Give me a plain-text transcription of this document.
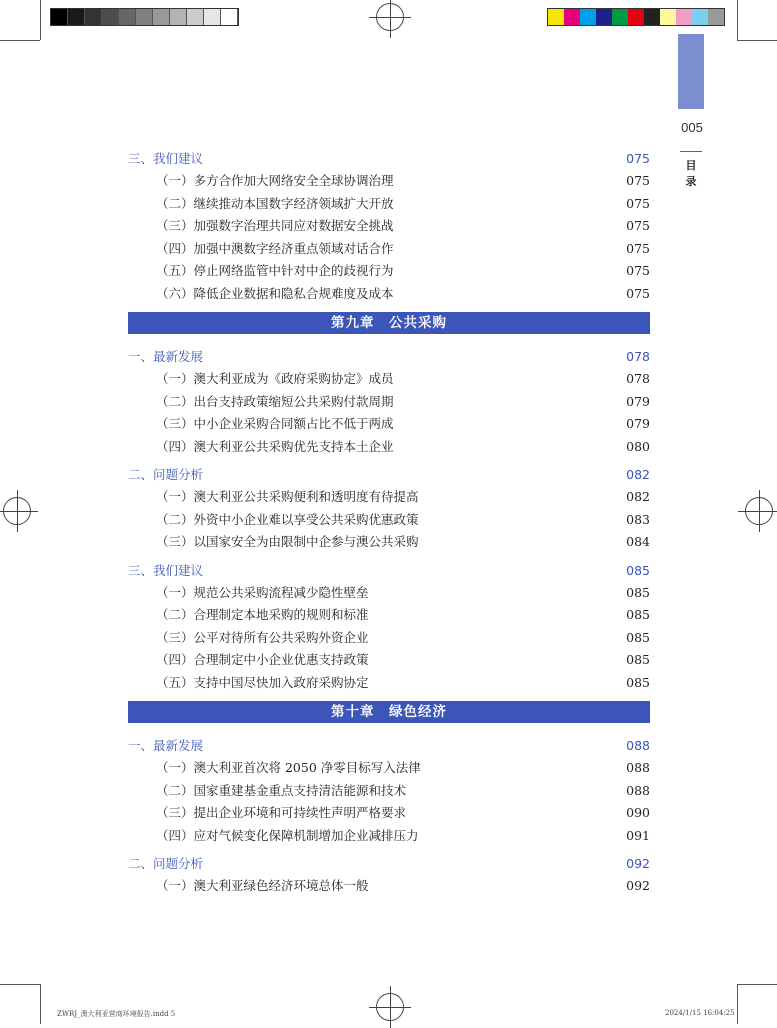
005
目
录
三、我们建议	075
（一）多方合作加大网络安全全球协调治理	075
（二）继续推动本国数字经济领域扩大开放	075
（三）加强数字治理共同应对数据安全挑战	075
（四）加强中澳数字经济重点领域对话合作	075
（五）停止网络监管中针对中企的歧视行为	075
（六）降低企业数据和隐私合规难度及成本	075
第九章　公共采购
一、最新发展	078
（一）澳大利亚成为《政府采购协定》成员	078
（二）出台支持政策缩短公共采购付款周期	079
（三）中小企业采购合同额占比不低于两成	079
（四）澳大利亚公共采购优先支持本土企业	080
二、问题分析	082
（一）澳大利亚公共采购便利和透明度有待提高	082
（二）外资中小企业难以享受公共采购优惠政策	083
（三）以国家安全为由限制中企参与澳公共采购	084
三、我们建议	085
（一）规范公共采购流程减少隐性壁垒	085
（二）合理制定本地采购的规则和标准	085
（三）公平对待所有公共采购外资企业	085
（四）合理制定中小企业优惠支持政策	085
（五）支持中国尽快加入政府采购协定	085
第十章　绿色经济
一、最新发展	088
（一）澳大利亚首次将 2050 净零目标写入法律	088
（二）国家重建基金重点支持清洁能源和技术	088
（三）提出企业环境和可持续性声明严格要求	090
（四）应对气候变化保障机制增加企业减排压力	091
二、问题分析	092
（一）澳大利亚绿色经济环境总体一般	092
ZWRJ_澳大利亚营商环境报告.indd 5	2024/1/15 16:04:25
